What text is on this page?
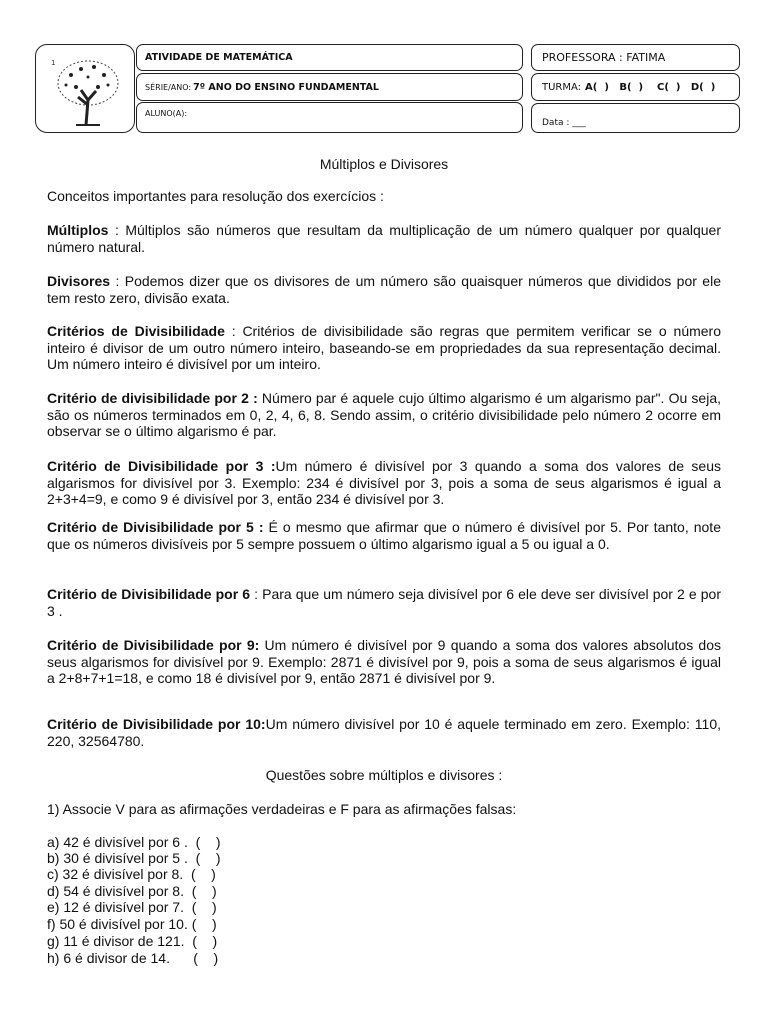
1	ATIVIDADE DE MATEMÁTICA
SÉRIE/ANO: 7º ANO DO ENSINO FUNDAMENTAL
ALUNO(A):
PROFESSORA : FATIMA
TURMA: A(  )   B(  )    C(  )   D(  )
Data : ___
Múltiplos e Divisores
Conceitos importantes para resolução dos exercícios :
Múltiplos : Múltiplos são números que resultam da multiplicação de um número qualquer por qualquer número natural.
Divisores : Podemos dizer que os divisores de um número são quaisquer números que divididos por ele tem resto zero, divisão exata.
Critérios de Divisibilidade : Critérios de divisibilidade são regras que permitem verificar se o número inteiro é divisor de um outro número inteiro, baseando-se em propriedades da sua representação decimal. Um número inteiro é divisível por um inteiro.
Critério de divisibilidade por 2 : Número par é aquele cujo último algarismo é um algarismo par". Ou seja, são os números terminados em 0, 2, 4, 6, 8. Sendo assim, o critério divisibilidade pelo número 2 ocorre em observar se o último algarismo é par.
Critério de Divisibilidade por 3 :Um número é divisível por 3 quando a soma dos valores de seus algarismos for divisível por 3. Exemplo: 234 é divisível por 3, pois a soma de seus algarismos é igual a 2+3+4=9, e como 9 é divisível por 3, então 234 é divisível por 3.
Critério de Divisibilidade por 5 : É o mesmo que afirmar que o número é divisível por 5. Por tanto, note que os números divisíveis por 5 sempre possuem o último algarismo igual a 5 ou igual a 0.
Critério de Divisibilidade por 6 : Para que um número seja divisível por 6 ele deve ser divisível por 2 e por 3 .
Critério de Divisibilidade por 9: Um número é divisível por 9 quando a soma dos valores absolutos dos seus algarismos for divisível por 9. Exemplo: 2871 é divisível por 9, pois a soma de seus algarismos é igual a 2+8+7+1=18, e como 18 é divisível por 9, então 2871 é divisível por 9.
Critério de Divisibilidade por 10:Um número divisível por 10 é aquele terminado em zero. Exemplo: 110, 220, 32564780.
Questões sobre múltiplos e divisores :
1) Associe V para as afirmações verdadeiras e F para as afirmações falsas:
a) 42 é divisível por 6 .  (    )
b) 30 é divisível por 5 .  (    )
c) 32 é divisível por 8.  (    )
d) 54 é divisível por 8.  (    )
e) 12 é divisível por 7.  (    )
f) 50 é divisível por 10. (    )
g) 11 é divisor de 121.  (    )
h) 6 é divisor de 14.      (    )
